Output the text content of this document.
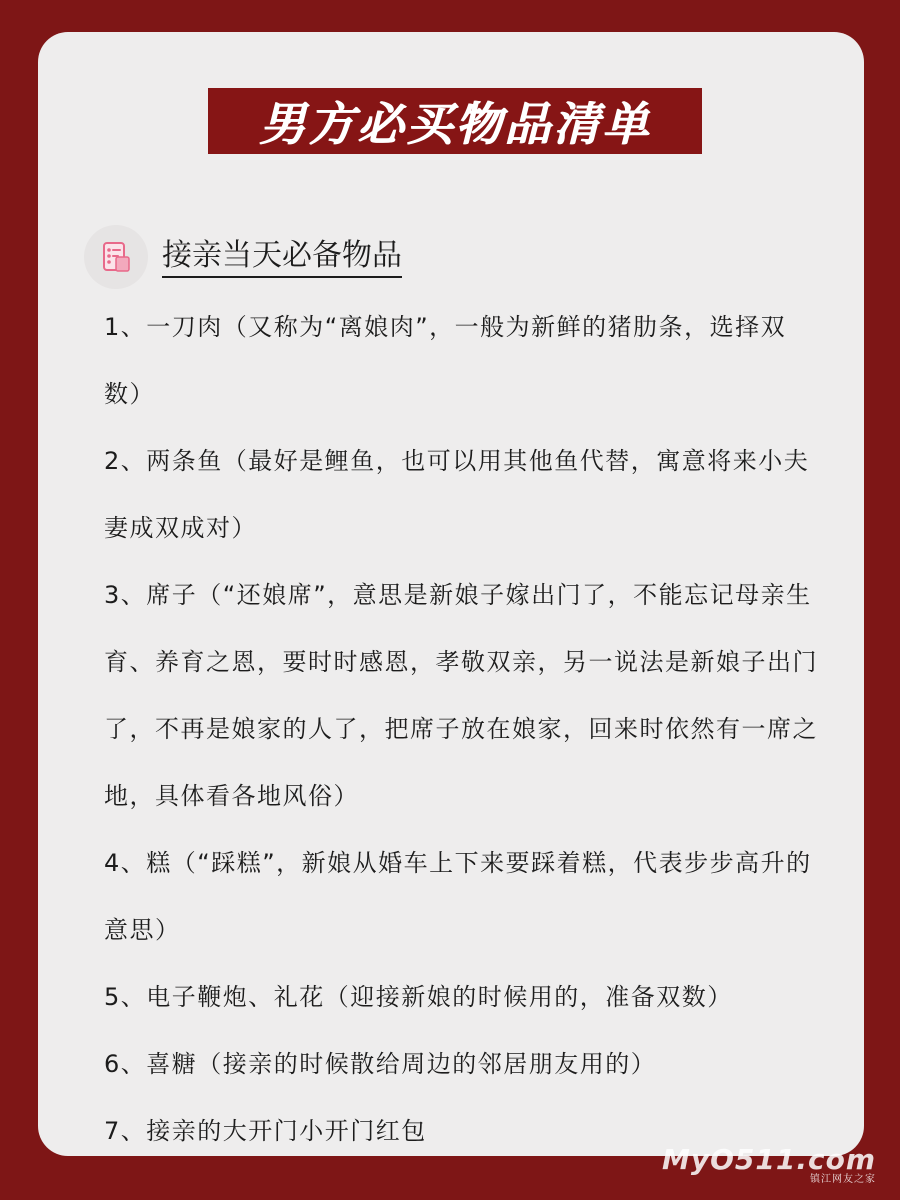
男方必买物品清单
接亲当天必备物品
1、一刀肉（又称为“离娘肉”，一般为新鲜的猪肋条，选择双数）
2、两条鱼（最好是鲤鱼，也可以用其他鱼代替，寓意将来小夫妻成双成对）
3、席子（“还娘席”，意思是新娘子嫁出门了，不能忘记母亲生育、养育之恩，要时时感恩，孝敬双亲，另一说法是新娘子出门了，不再是娘家的人了，把席子放在娘家，回来时依然有一席之地，具体看各地风俗）
4、糕（“踩糕”，新娘从婚车上下来要踩着糕，代表步步高升的意思）
5、电子鞭炮、礼花（迎接新娘的时候用的，准备双数）
6、喜糖（接亲的时候散给周边的邻居朋友用的）
7、接亲的大开门小开门红包
MyO511.com
镇江网友之家
